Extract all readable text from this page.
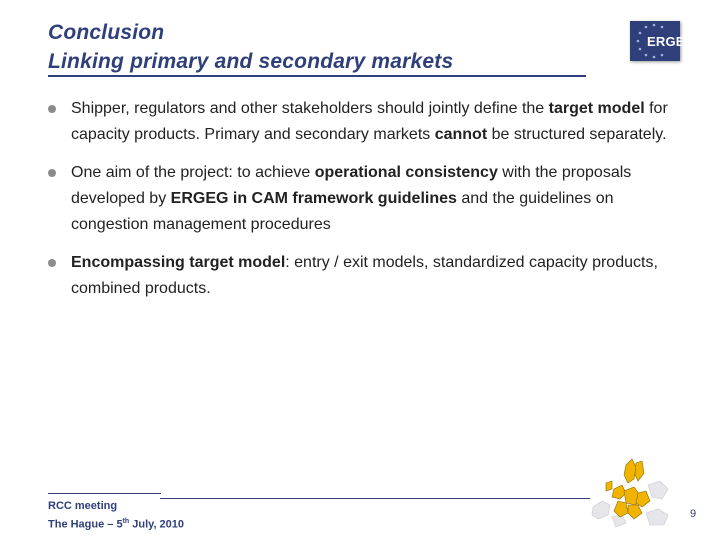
Conclusion
Linking primary and secondary markets
ERGEG
Shipper, regulators and other stakeholders should jointly define the target model for capacity products. Primary and secondary markets cannot be structured separately.
One aim of the project: to achieve operational consistency with the proposals developed by ERGEG in CAM framework guidelines and the guidelines on congestion management procedures
Encompassing target model: entry / exit models, standardized capacity products, combined products.
RCC meeting
The Hague – 5th July, 2010
9
